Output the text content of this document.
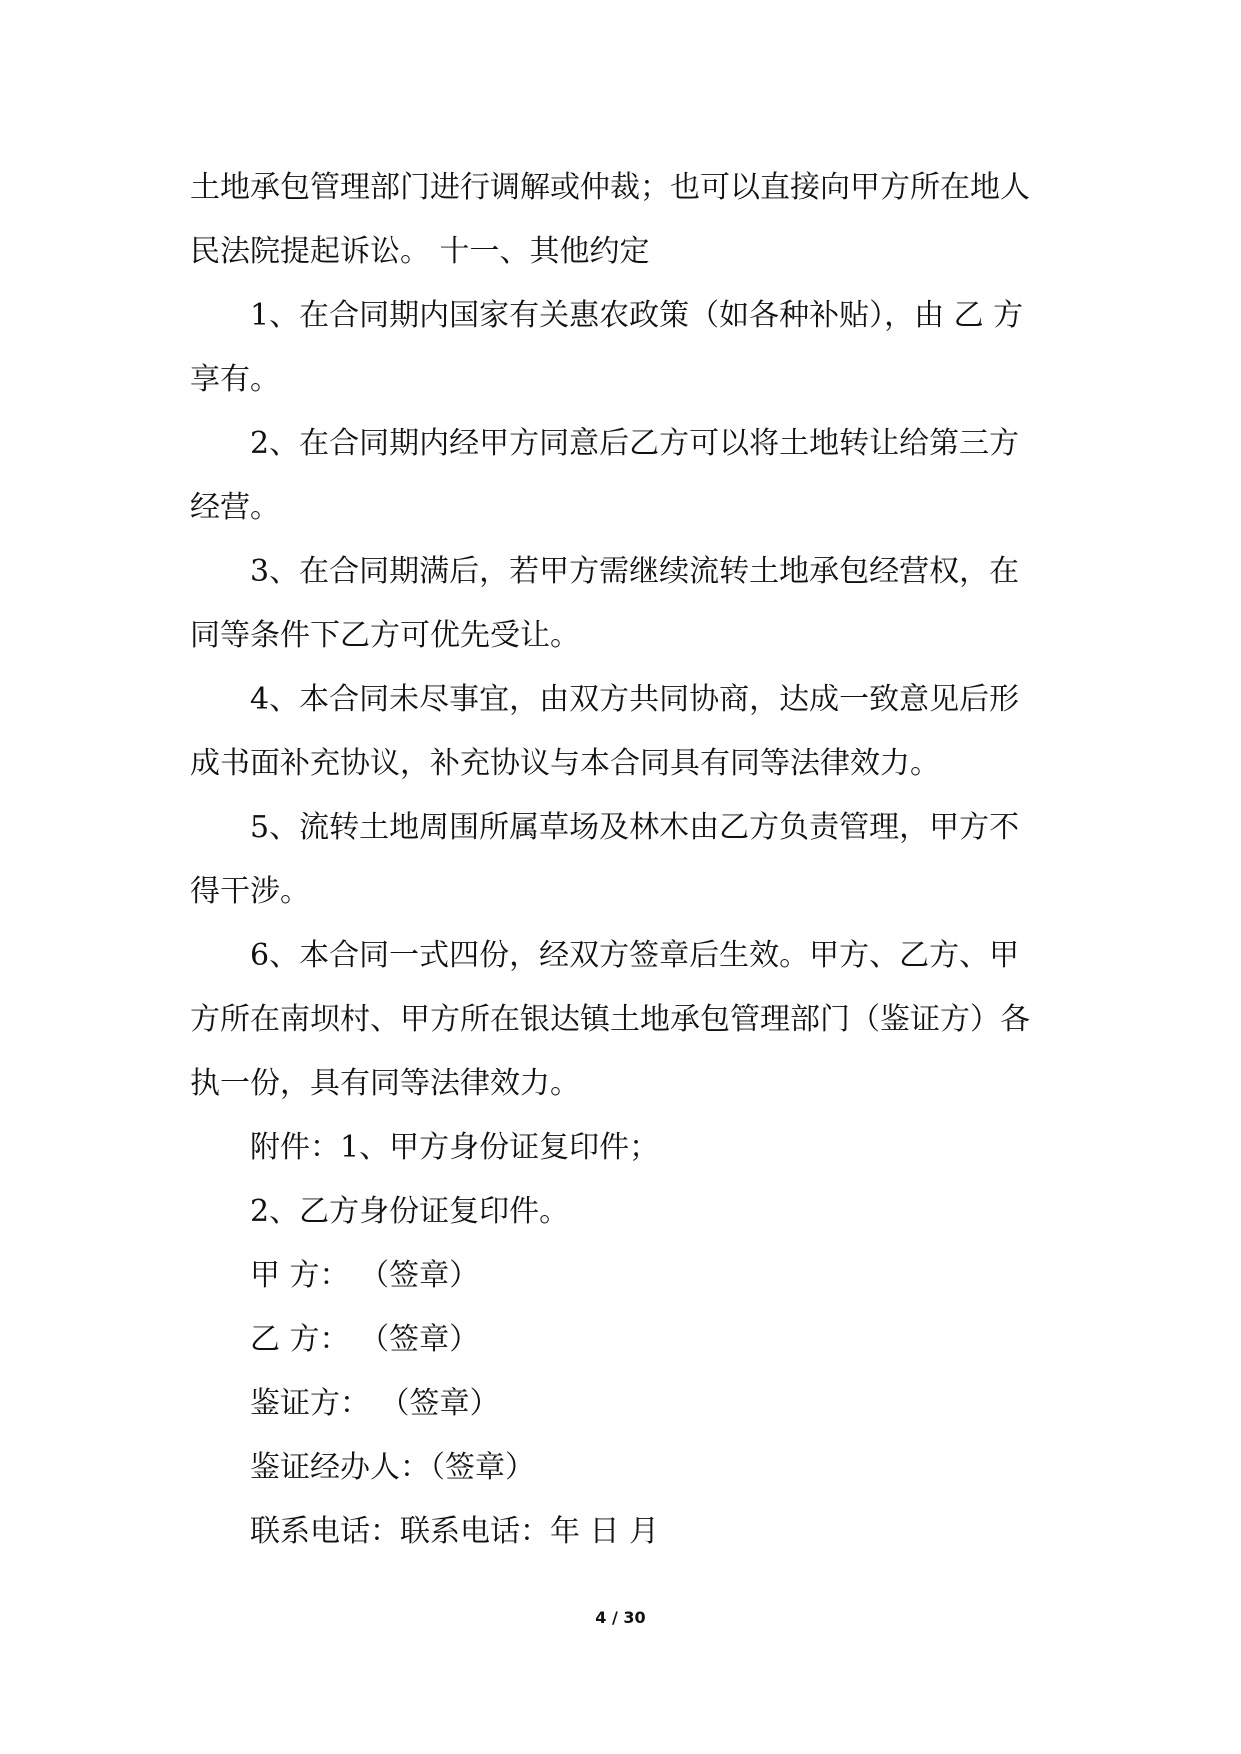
土地承包管理部门进行调解或仲裁；也可以直接向甲方所在地人

民法院提起诉讼。 十一、其他约定

1、在合同期内国家有关惠农政策（如各种补贴），由 乙 方

享有。

2、在合同期内经甲方同意后乙方可以将土地转让给第三方

经营。

3、在合同期满后，若甲方需继续流转土地承包经营权，在

同等条件下乙方可优先受让。

4、本合同未尽事宜，由双方共同协商，达成一致意见后形

成书面补充协议，补充协议与本合同具有同等法律效力。

5、流转土地周围所属草场及林木由乙方负责管理，甲方不

得干涉。

6、本合同一式四份，经双方签章后生效。甲方、乙方、甲

方所在南坝村、甲方所在银达镇土地承包管理部门（鉴证方）各

执一份，具有同等法律效力。

附件：1、甲方身份证复印件；

2、乙方身份证复印件。

甲 方： （签章）

乙 方： （签章）

鉴证方： （签章）

鉴证经办人：（签章）

联系电话：联系电话：年 日 月

4 / 30
